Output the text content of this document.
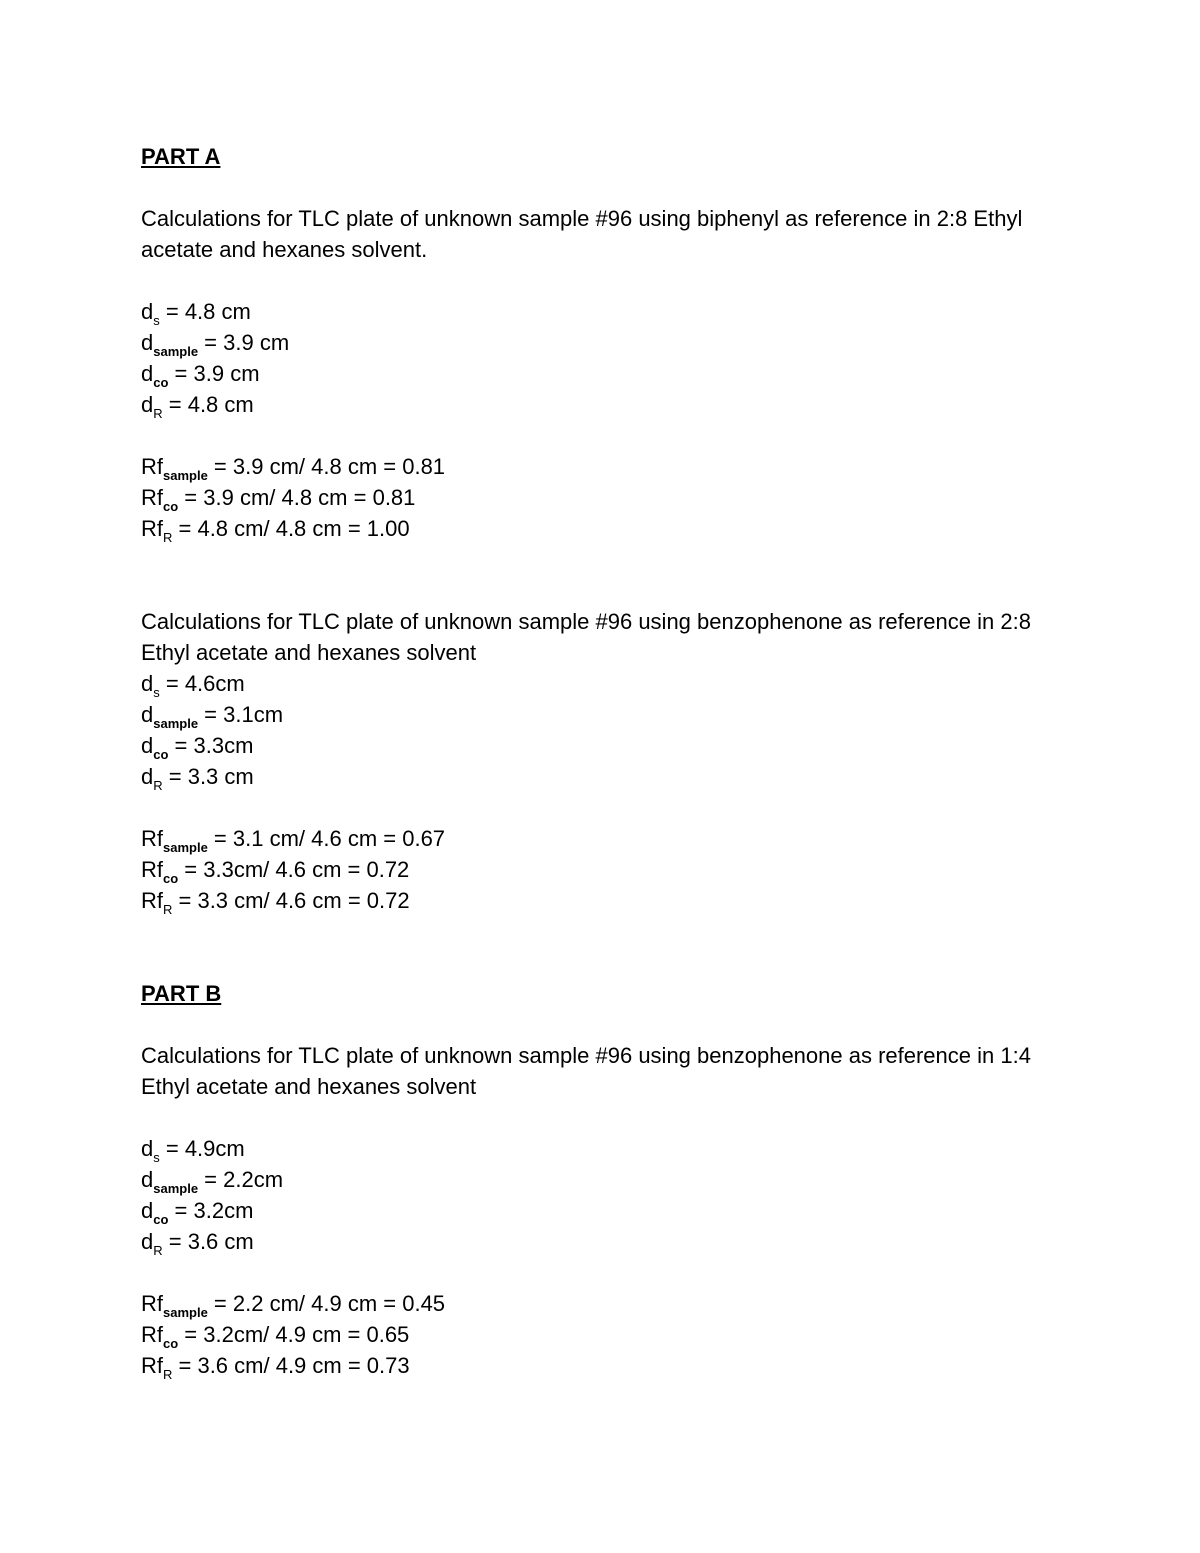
PART A
Calculations for TLC plate of unknown sample #96 using biphenyl as reference in 2:8 Ethyl acetate and hexanes solvent.
$d_s = 4.8$ cm
$d_{sample} = 3.9$ cm
$d_{co} = 3.9$ cm
$d_R = 4.8$ cm
$Rf_{sample} = 3.9$ cm/ 4.8 cm = 0.81
$Rf_{co} = 3.9$ cm/ 4.8 cm = 0.81
$Rf_R = 4.8$ cm/ 4.8 cm = 1.00
Calculations for TLC plate of unknown sample #96 using benzophenone as reference in 2:8 Ethyl acetate and hexanes solvent
$d_s = 4.6cm$
$d_{sample} = 3.1cm$
$d_{co} = 3.3cm$
$d_R = 3.3$ cm
$Rf_{sample} = 3.1$ cm/ 4.6 cm = 0.67
$Rf_{co} = 3.3cm/$ 4.6 cm = 0.72
$Rf_R = 3.3$ cm/ 4.6 cm = 0.72
PART B
Calculations for TLC plate of unknown sample #96 using benzophenone as reference in 1:4 Ethyl acetate and hexanes solvent
$d_s = 4.9cm$
$d_{sample} = 2.2cm$
$d_{co} = 3.2cm$
$d_R = 3.6$ cm
$Rf_{sample} = 2.2$ cm/ 4.9 cm = 0.45
$Rf_{co} = 3.2cm/$ 4.9 cm = 0.65
$Rf_R = 3.6$ cm/ 4.9 cm = 0.73
